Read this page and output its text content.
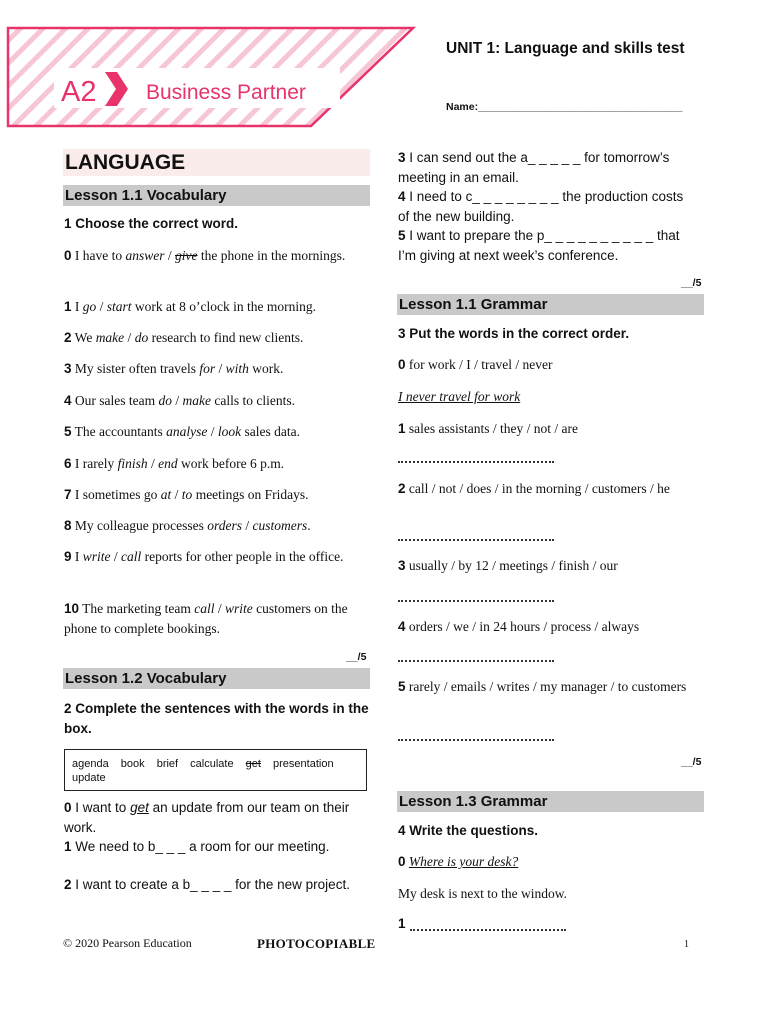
A2 Business Partner
UNIT 1: Language and skills test
Name:___________________________________
LANGUAGE
Lesson 1.1 Vocabulary
1 Choose the correct word.
0 I have to answer / give the phone in the mornings.
1 I go / start work at 8 o’clock in the morning.
2 We make / do research to find new clients.
3 My sister often travels for / with work.
4 Our sales team do / make calls to clients.
5 The accountants analyse / look sales data.
6 I rarely finish / end work before 6 p.m.
7 I sometimes go at / to meetings on Fridays.
8 My colleague processes orders / customers.
9 I write / call reports for other people in the office.
10 The marketing team call / write customers on the phone to complete bookings.
__/5
Lesson 1.2 Vocabulary
2 Complete the sentences with the words in the box.
agenda book brief calculate get presentation update
0 I want to get an update from our team on their work.
1 We need to b_ _ _ a room for our meeting.
2 I want to create a b_ _ _ _ for the new project.
3 I can send out the a_ _ _ _ _ for tomorrow’s meeting in an email.
4 I need to c_ _ _ _ _ _ _ _ the production costs of the new building.
5 I want to prepare the p_ _ _ _ _ _ _ _ _ _ that I’m giving at next week’s conference.
__/5
Lesson 1.1 Grammar
3 Put the words in the correct order.
0 for work / I / travel / never
I never travel for work
1 sales assistants / they / not / are
2 call / not / does / in the morning / customers / he
3 usually / by 12 / meetings / finish / our
4 orders / we / in 24 hours / process / always
5 rarely / emails / writes / my manager / to customers
__/5
Lesson 1.3 Grammar
4 Write the questions.
0 Where is your desk?
My desk is next to the window.
1
© 2020 Pearson Education	PHOTOCOPIABLE	1
